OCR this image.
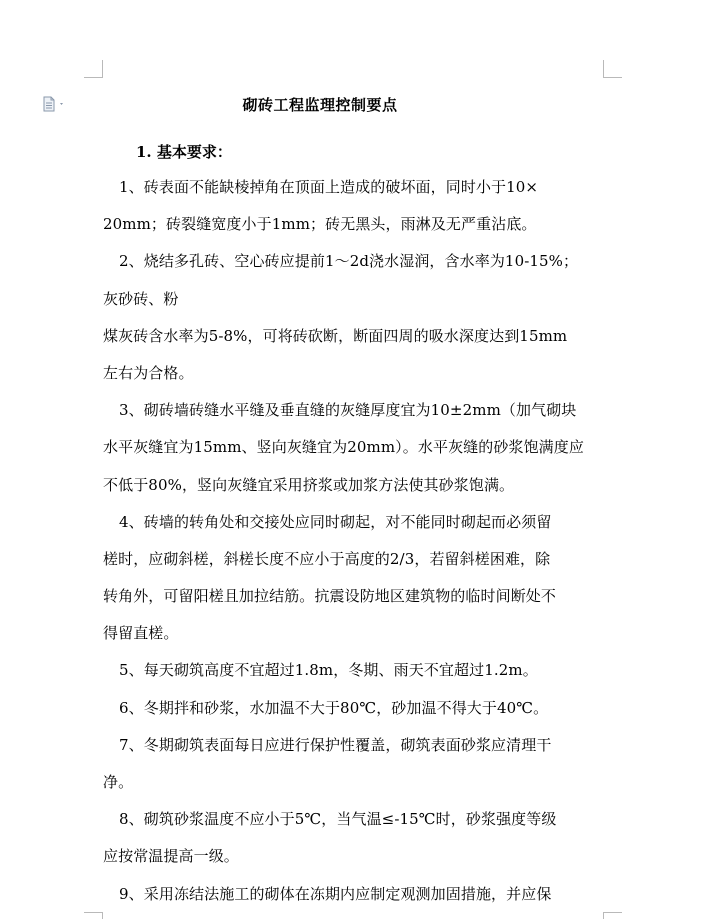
砌砖工程监理控制要点
1. 基本要求：
1、砖表面不能缺棱掉角在顶面上造成的破坏面，同时小于10×
20mm；砖裂缝宽度小于1mm；砖无黑头，雨淋及无严重沾底。
2、烧结多孔砖、空心砖应提前1～2d浇水湿润，含水率为10-15%；
灰砂砖、粉
煤灰砖含水率为5-8%，可将砖砍断，断面四周的吸水深度达到15mm
左右为合格。
3、砌砖墙砖缝水平缝及垂直缝的灰缝厚度宜为10±2mm（加气砌块
水平灰缝宜为15mm、竖向灰缝宜为20mm）。水平灰缝的砂浆饱满度应
不低于80%，竖向灰缝宜采用挤浆或加浆方法使其砂浆饱满。
4、砖墙的转角处和交接处应同时砌起，对不能同时砌起而必须留
槎时，应砌斜槎，斜槎长度不应小于高度的2/3，若留斜槎困难，除
转角外，可留阳槎且加拉结筋。抗震设防地区建筑物的临时间断处不
得留直槎。
5、每天砌筑高度不宜超过1.8m，冬期、雨天不宜超过1.2m。
6、冬期拌和砂浆，水加温不大于80℃，砂加温不得大于40℃。
7、冬期砌筑表面每日应进行保护性覆盖，砌筑表面砂浆应清理干
净。
8、砌筑砂浆温度不应小于5℃，当气温≤-15℃时，砂浆强度等级
应按常温提高一级。
9、采用冻结法施工的砌体在冻期内应制定观测加固措施，并应保
